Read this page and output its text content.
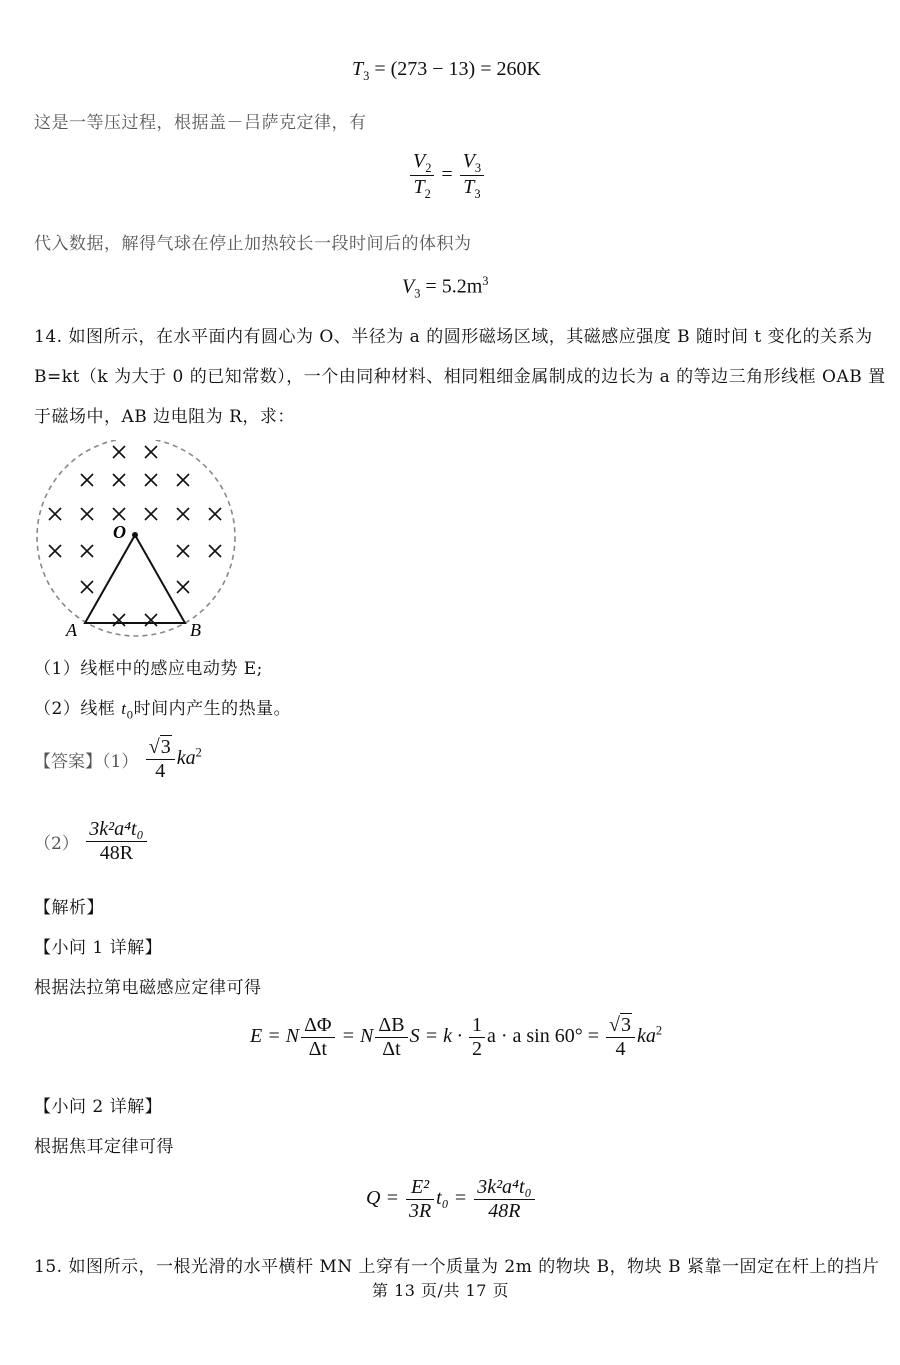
$T_3 = (273 - 13) = 260K$
这是一等压过程，根据盖－吕萨克定律，有
$\frac{V_2}{T_2} = \frac{V_3}{T_3}$
代入数据，解得气球在停止加热较长一段时间后的体积为
$V_3 = 5.2m^3$
14. 如图所示，在水平面内有圆心为 O、半径为 a 的圆形磁场区域，其磁感应强度 B 随时间 t 变化的关系为
B=kt（k 为大于 0 的已知常数），一个由同种材料、相同粗细金属制成的边长为 a 的等边三角形线框 OAB 置
于磁场中，AB 边电阻为 R，求：
O
A	B
（1）线框中的感应电动势 E;
（2）线框 $t_0$时间内产生的热量。
【答案】$(1) \frac{√3}{4} ka^2$
$(2) \frac{\text{3k²a⁴t₀}}{48R}$
【解析】
【小问 1 详解】
根据法拉第电磁感应定律可得
E = N $\frac{\Delta\Phi}{\Delta t} = N \frac{\Delta B}{\Delta t}$ $S = k \cdot \frac{1}{2}$ a · a $\sin 60^\circ = \frac{√3}{4} ka^2$
【小问 2 详解】
根据焦耳定律可得
$Q = \frac{\text{E²}}{3R} t_0 = \frac{\text{3k²a⁴t₀}}{48R}$
15. 如图所示，一根光滑的水平横杆 MN 上穿有一个质量为 2m 的物块 B，物块 B 紧靠一固定在杆上的挡片
第 13 页/共 17 页
